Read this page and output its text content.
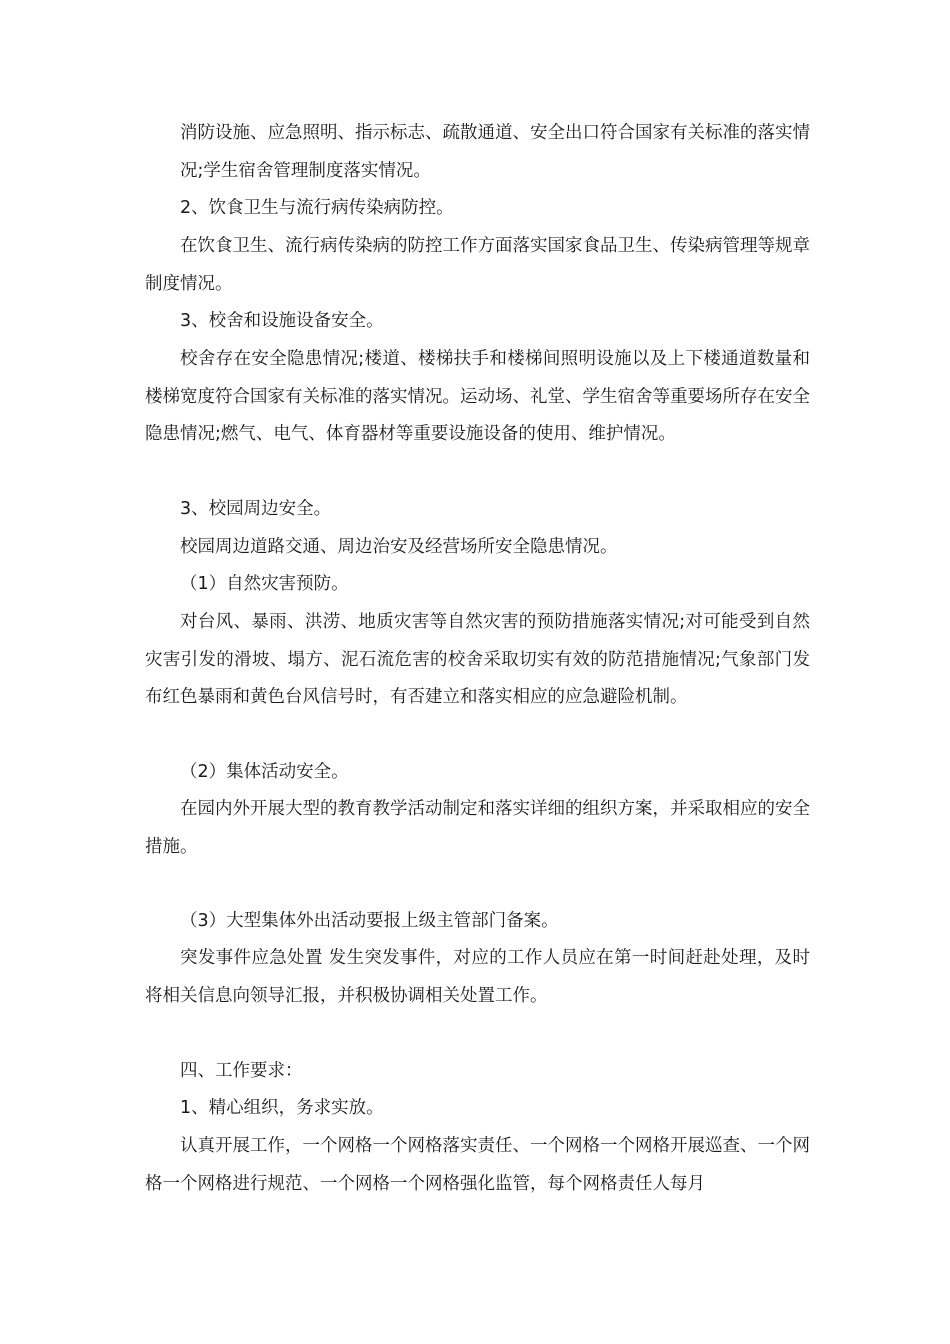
消防设施、应急照明、指示标志、疏散通道、安全出口符合国家有关标准的落实情况;学生宿舍管理制度落实情况。

2、饮食卫生与流行病传染病防控。

在饮食卫生、流行病传染病的防控工作方面落实国家食品卫生、传染病管理等规章制度情况。

3、校舍和设施设备安全。

校舍存在安全隐患情况;楼道、楼梯扶手和楼梯间照明设施以及上下楼通道数量和楼梯宽度符合国家有关标准的落实情况。运动场、礼堂、学生宿舍等重要场所存在安全隐患情况;燃气、电气、体育器材等重要设施设备的使用、维护情况。

3、校园周边安全。

校园周边道路交通、周边治安及经营场所安全隐患情况。

（1）自然灾害预防。

对台风、暴雨、洪涝、地质灾害等自然灾害的预防措施落实情况;对可能受到自然灾害引发的滑坡、塌方、泥石流危害的校舍采取切实有效的防范措施情况;气象部门发布红色暴雨和黄色台风信号时，有否建立和落实相应的应急避险机制。

（2）集体活动安全。

在园内外开展大型的教育教学活动制定和落实详细的组织方案，并采取相应的安全措施。

（3）大型集体外出活动要报上级主管部门备案。

突发事件应急处置 发生突发事件，对应的工作人员应在第一时间赶赴处理，及时将相关信息向领导汇报，并积极协调相关处置工作。

四、工作要求：

1、精心组织，务求实放。

认真开展工作，一个网格一个网格落实责任、一个网格一个网格开展巡查、一个网格一个网格进行规范、一个网格一个网格强化监管，每个网格责任人每月
